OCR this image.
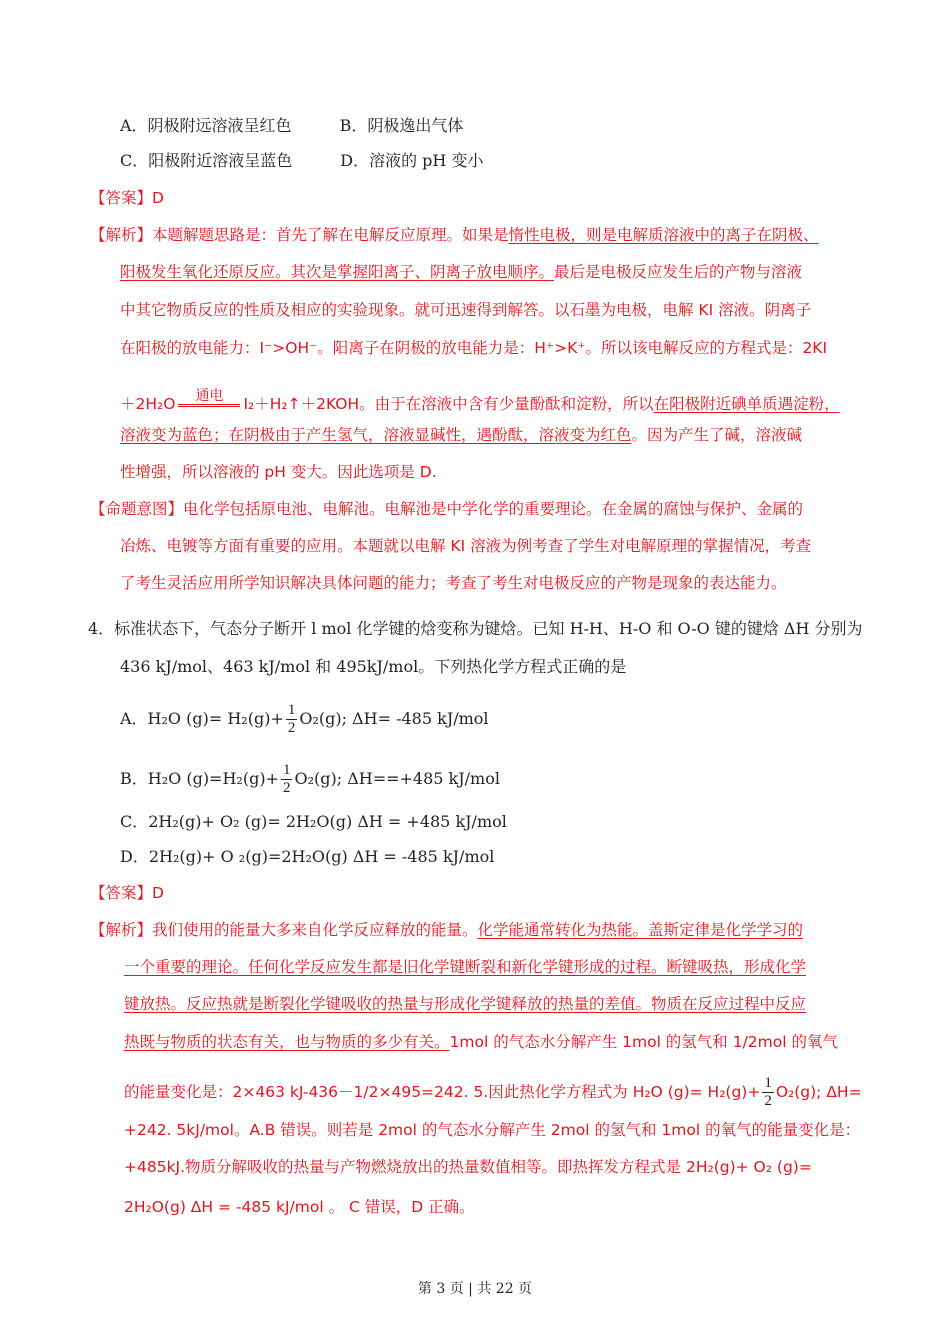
A．阴极附远溶液呈红色　　　B．阴极逸出气体
C．阳极附近溶液呈蓝色　　　D．溶液的 pH 变小
【答案】D
【解析】本题解题思路是：首先了解在电解反应原理。如果是惰性电极，则是电解质溶液中的离子在阴极、
阳极发生氧化还原反应。其次是掌握阳离子、阴离子放电顺序。最后是电极反应发生后的产物与溶液
中其它物质反应的性质及相应的实验现象。就可迅速得到解答。以石墨为电极，电解 KI 溶液。阴离子
在阳极的放电能力：I⁻>OH⁻。阳离子在阴极的放电能力是：H⁺>K⁺。所以该电解反应的方程式是：2KI
＋2H₂O 通电 I₂＋H₂↑＋2KOH。由于在溶液中含有少量酚酞和淀粉，所以在阳极附近碘单质遇淀粉，
溶液变为蓝色；在阴极由于产生氢气，溶液显碱性，遇酚酞，溶液变为红色。因为产生了碱，溶液碱
性增强，所以溶液的 pH 变大。因此选项是 D.
【命题意图】电化学包括原电池、电解池。电解池是中学化学的重要理论。在金属的腐蚀与保护、金属的
冶炼、电镀等方面有重要的应用。本题就以电解 KI 溶液为例考查了学生对电解原理的掌握情况，考查
了考生灵活应用所学知识解决具体问题的能力；考查了考生对电极反应的产物是现象的表达能力。
4．标准状态下，气态分子断开 l mol 化学键的焓变称为键焓。已知 H-H、H-O 和 O-O 键的键焓 ΔH 分别为
436 kJ/mol、463 kJ/mol 和 495kJ/mol。下列热化学方程式正确的是
A．H₂O $(g)= H_2(g)+ \frac{1}{2} O_2(g)$; ΔH= -485 kJ/mol
B．H₂O $(g)=H_2(g)+ \frac{1}{2} O_2(g)$; ΔH==+485 kJ/mol
C．2H₂(g)+ O₂ (g)= 2H₂O(g) ΔH = +485 kJ/mol
D．2H₂(g)+ O ₂(g)=2H₂O(g) ΔH = -485 kJ/mol
【答案】D
【解析】我们使用的能量大多来自化学反应释放的能量。化学能通常转化为热能。盖斯定律是化学学习的
一个重要的理论。任何化学反应发生都是旧化学键断裂和新化学键形成的过程。断键吸热，形成化学
键放热。反应热就是断裂化学键吸收的热量与形成化学键释放的热量的差值。物质在反应过程中反应
热既与物质的状态有关，也与物质的多少有关。1mol 的气态水分解产生 1mol 的氢气和 1/2mol 的氧气
的能量变化是：2×463 kJ-436－1/2×495=242. 5.因此热化学方程式为 H₂O $(g)= H_2(g)+ \frac{1}{2} O_2(g)$; ΔH=
+242. 5kJ/mol。A.B 错误。则若是 2mol 的气态水分解产生 2mol 的氢气和 1mol 的氧气的能量变化是：
+485kJ.物质分解吸收的热量与产物燃烧放出的热量数值相等。即热挥发方程式是 2H₂(g)+ O₂ (g)=
2H₂O(g) ΔH = -485 kJ/mol 。 C 错误，D 正确。
第 3 页 | 共 22 页
